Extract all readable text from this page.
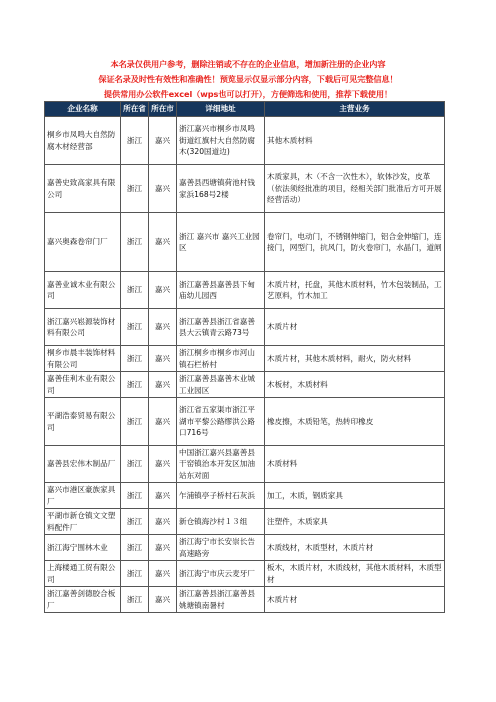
本名录仅供用户参考，删除注销或不存在的企业信息，增加新注册的企业内容
保证名录及时性有效性和准确性！预览显示仅显示部分内容，下载后可见完整信息！
提供常用办公软件excel（wps也可以打开），方便筛选和使用，推荐下载使用！
企业名称	所在省	所在市	详细地址	主营业务
桐乡市凤鸣大自然防腐木材经营部	浙江	嘉兴	浙江嘉兴市桐乡市凤鸣街道红旗村大自然防腐木(320国道边)	其他木质材料
嘉善史致高家具有限公司	浙江	嘉兴	嘉善县西塘镇荷池村钱家浜168号2楼	木质家具，木（不含一次性木），软体沙发，皮革（依法须经批准的项目，经相关部门批准后方可开展经营活动）
嘉兴奥森卷帘门厂	浙江	嘉兴	浙江 嘉兴市 嘉兴工业园区	卷帘门，电动门，不锈钢伸缩门，铝合金伸缩门，连接门，网型门，抗风门，防火卷帘门，水晶门，道闸
嘉善业诚木业有限公司	浙江	嘉兴	浙江嘉善县嘉善县下甸庙幼儿园西	木质片材，托盘，其他木质材料，竹木包装制品，工艺原料，竹木加工
浙江嘉兴崧源装饰材料有限公司	浙江	嘉兴	浙江嘉善县浙江省嘉善县大云镇青云路73号	木质片材
桐乡市晨丰装饰材料有限公司	浙江	嘉兴	浙江桐乡市桐乡市河山镇石栏桥村	木质片材，其他木质材料，耐火，防火材料
嘉善佳利木业有限公司	浙江	嘉兴	浙江嘉善县嘉善木业城工业园区	木板材，木质材料
平湖浩泰贸易有限公司	浙江	嘉兴	浙江省五家渠市浙江平湖市平黎公路缪洪公路口716号	橡皮擦，木质铅笔，热转印橡皮
嘉善县宏伟木制品厂	浙江	嘉兴	中国浙江嘉兴县嘉善县干窑镇治本开发区加油站东对面	木质材料
嘉兴市港区豪族家具厂	浙江	嘉兴	乍浦镇亭子桥村石灰浜	加工，木质，钢质家具
平湖市新仓镇文文塑料配件厂	浙江	嘉兴	新仓镇海沙村１３组	注塑件，木质家具
浙江海宁围林木业	浙江	嘉兴	浙江海宁市长安崇长告高速路旁	木质线材，木质型材，木质片材
上海楼通工贸有限公司	浙江	嘉兴	浙江海宁市庆云麦牙厂	板木，木质片材，木质线材，其他木质材料，木质型材
浙江嘉善剑德胶合板厂	浙江	嘉兴	浙江嘉善县浙江嘉善县姚塘镇南暑村	木质片材
